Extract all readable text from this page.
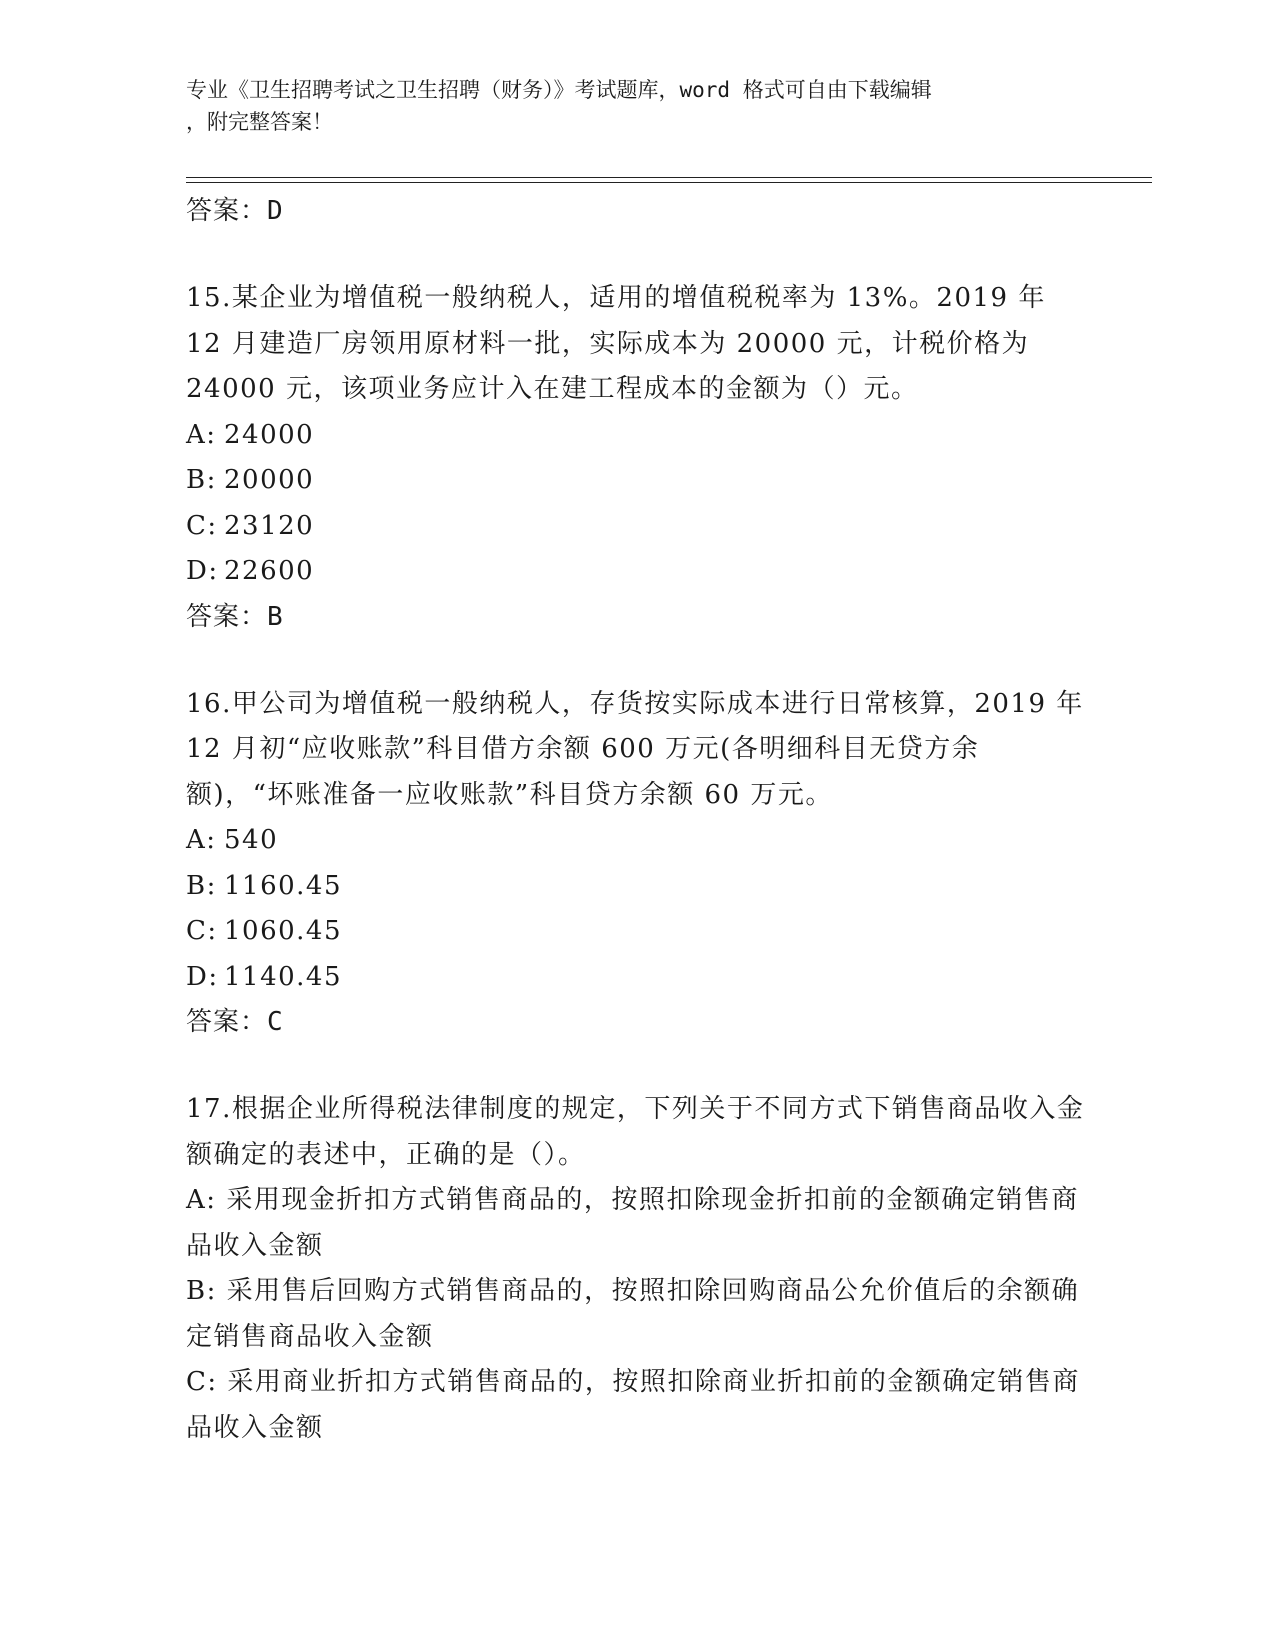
专业《卫生招聘考试之卫生招聘（财务）》考试题库，word 格式可自由下载编辑
，附完整答案！
答案：D
15.某企业为增值税一般纳税人，适用的增值税税率为 13%。2019 年 12 月建造厂房领用原材料一批，实际成本为 20000 元，计税价格为 24000 元，该项业务应计入在建工程成本的金额为（）元。
A: 24000
B: 20000
C: 23120
D: 22600
答案：B
16.甲公司为增值税一般纳税人，存货按实际成本进行日常核算，2019 年 12 月初“应收账款”科目借方余额 600 万元(各明细科目无贷方余额)，“坏账准备一应收账款”科目贷方余额 60 万元。
A: 540
B: 1160.45
C: 1060.45
D: 1140.45
答案：C
17.根据企业所得税法律制度的规定，下列关于不同方式下销售商品收入金额确定的表述中，正确的是（）。
A: 采用现金折扣方式销售商品的，按照扣除现金折扣前的金额确定销售商品收入金额
B: 采用售后回购方式销售商品的，按照扣除回购商品公允价值后的余额确定销售商品收入金额
C: 采用商业折扣方式销售商品的，按照扣除商业折扣前的金额确定销售商品收入金额
